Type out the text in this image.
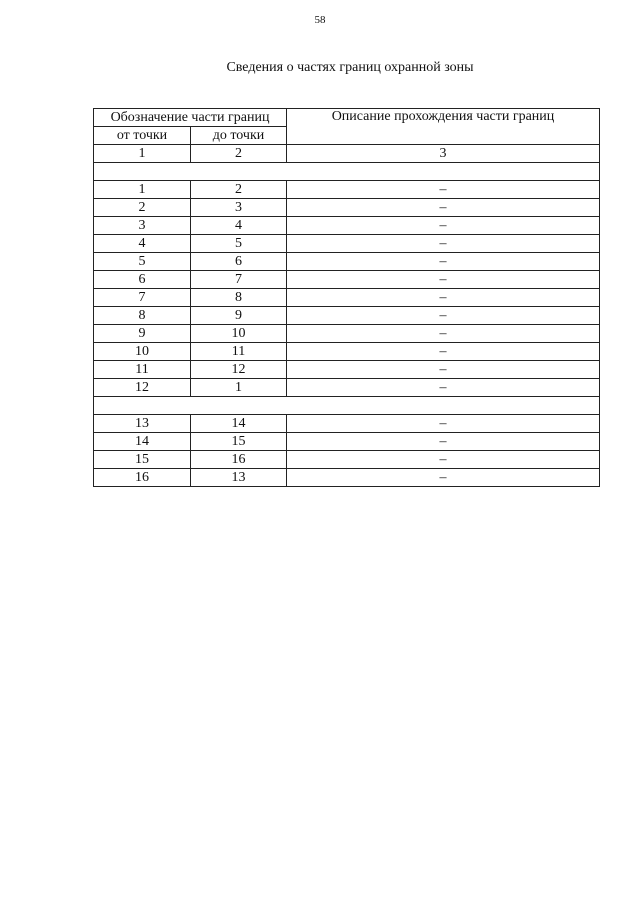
58
Сведения о частях границ охранной зоны
Обозначение части границ		Описание прохождения части границ
от точки	до точки	
1	2	3

1	2	–
2	3	–
3	4	–
4	5	–
5	6	–
6	7	–
7	8	–
8	9	–
9	10	–
10	11	–
11	12	–
12	1	–

13	14	–
14	15	–
15	16	–
16	13	–
